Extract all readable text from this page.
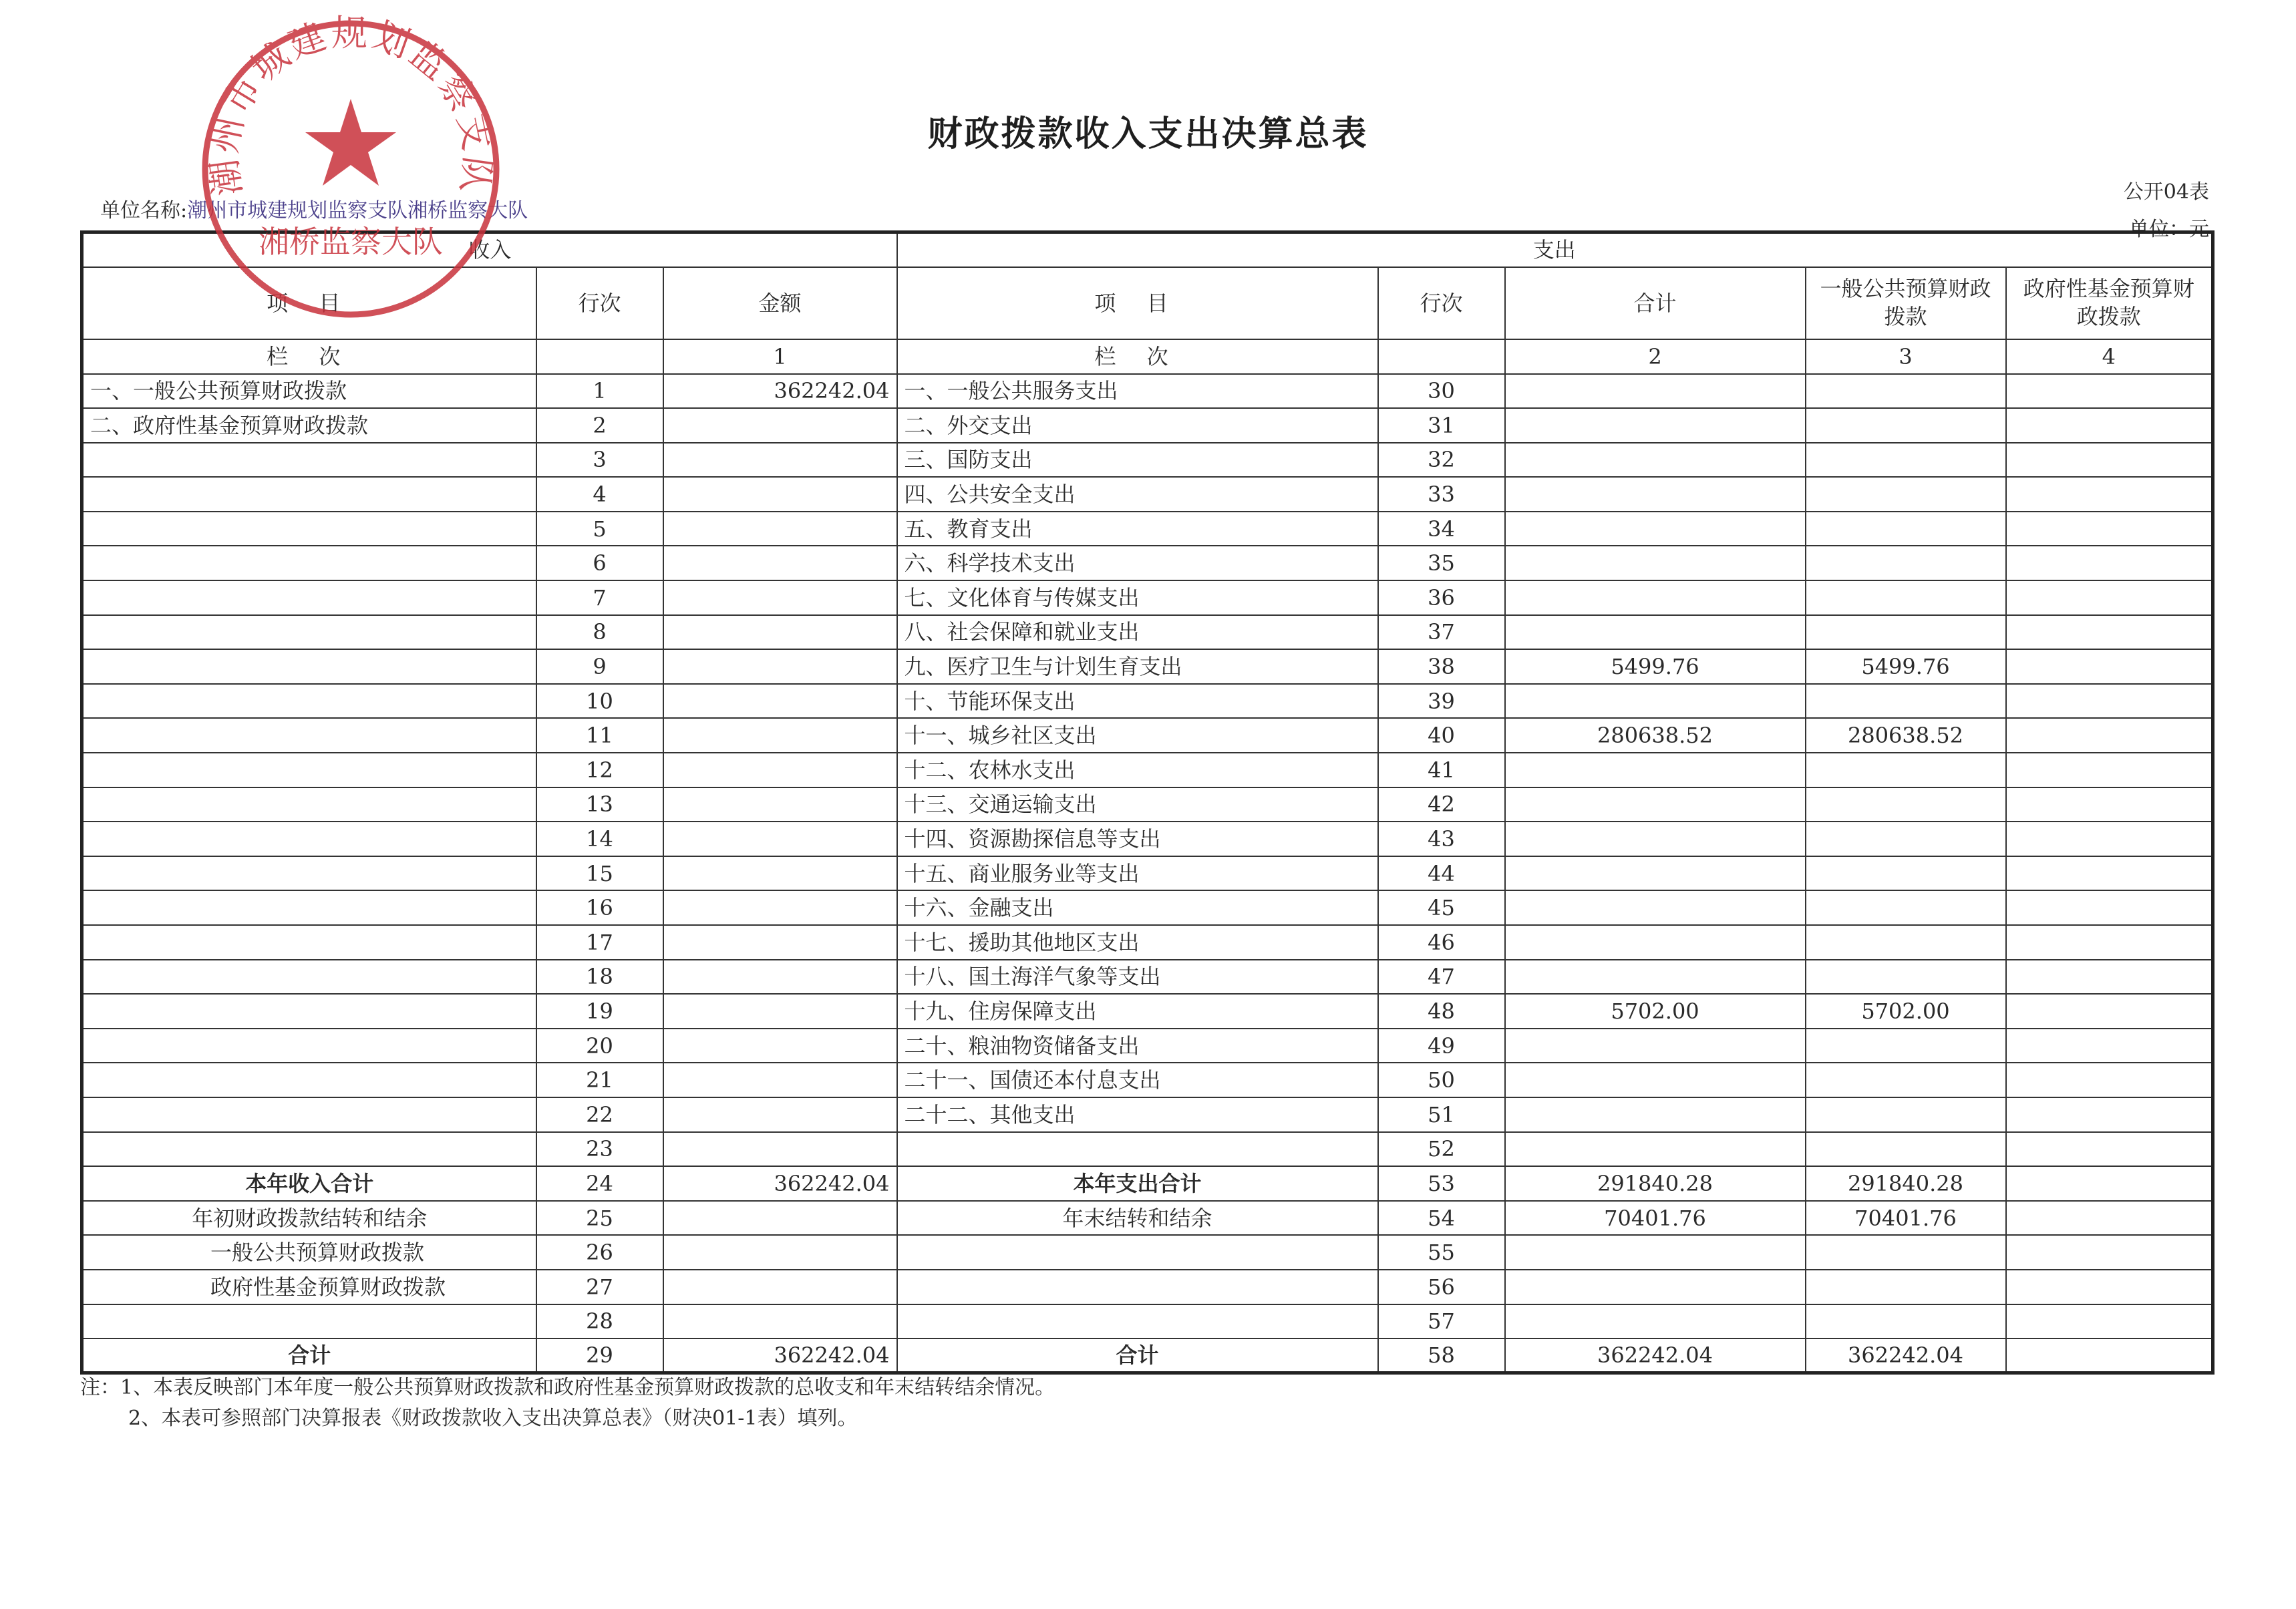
财政拨款收入支出决算总表
公开04表
单位名称:潮州市城建规划监察支队湘桥监察大队
单位：元
收入			支出				
项 目	行次	金额	项 目	行次	合计	一般公共预算财政拨款	政府性基金预算财政拨款
栏 次		1	栏 次		2	3	4
一、一般公共预算财政拨款	1	362242.04	一、一般公共服务支出	30			
二、政府性基金预算财政拨款	2		二、外交支出	31			
	3		三、国防支出	32			
	4		四、公共安全支出	33			
	5		五、教育支出	34			
	6		六、科学技术支出	35			
	7		七、文化体育与传媒支出	36			
	8		八、社会保障和就业支出	37			
	9		九、医疗卫生与计划生育支出	38	5499.76	5499.76	
	10		十、节能环保支出	39			
	11		十一、城乡社区支出	40	280638.52	280638.52	
	12		十二、农林水支出	41			
	13		十三、交通运输支出	42			
	14		十四、资源勘探信息等支出	43			
	15		十五、商业服务业等支出	44			
	16		十六、金融支出	45			
	17		十七、援助其他地区支出	46			
	18		十八、国土海洋气象等支出	47			
	19		十九、住房保障支出	48	5702.00	5702.00	
	20		二十、粮油物资储备支出	49			
	21		二十一、国债还本付息支出	50			
	22		二十二、其他支出	51			
	23			52			
本年收入合计	24	362242.04	本年支出合计	53	291840.28	291840.28	
年初财政拨款结转和结余	25		年末结转和结余	54	70401.76	70401.76	
一般公共预算财政拨款	26			55			
政府性基金预算财政拨款	27			56			
	28			57			
合计	29	362242.04	合计	58	362242.04	362242.04	
注：1、本表反映部门本年度一般公共预算财政拨款和政府性基金预算财政拨款的总收支和年末结转结余情况。
2、本表可参照部门决算报表《财政拨款收入支出决算总表》（财决01-1表）填列。
潮州市城建规划监察支队
湘桥监察大队
